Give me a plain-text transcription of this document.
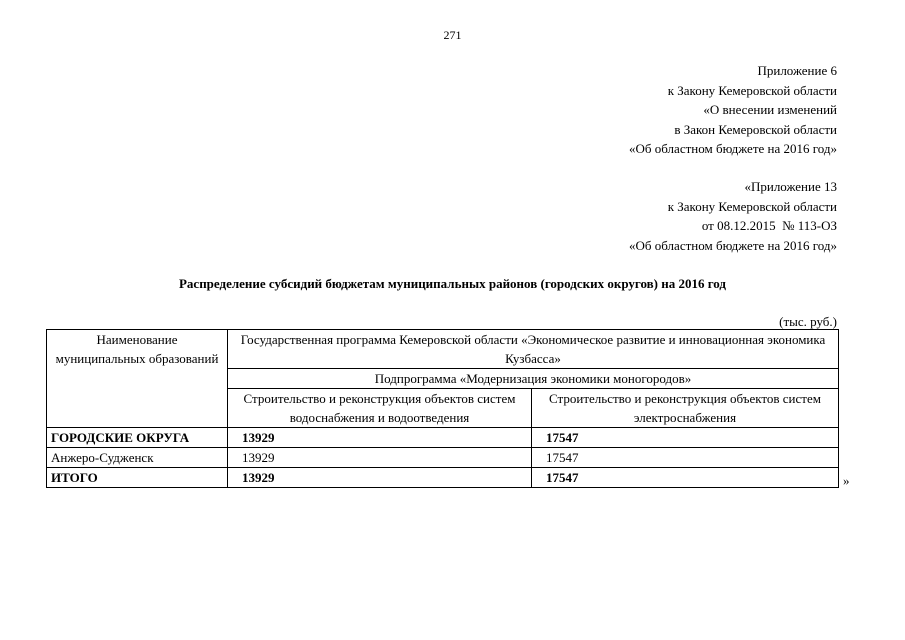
271
Приложение 6
к Закону Кемеровской области
«О внесении изменений
в Закон Кемеровской области
«Об областном бюджете на 2016 год»
«Приложение 13
к Закону Кемеровской области
от 08.12.2015  № 113-ОЗ
«Об областном бюджете на 2016 год»
Распределение субсидий бюджетам муниципальных районов (городских округов) на 2016 год
(тыс. руб.)
Наименование муниципальных образований	Государственная программа Кемеровской области «Экономическое развитие и инновационная экономика Кузбасса»	
	Подпрограмма «Модернизация экономики моногородов»	
	Строительство и реконструкция объектов систем водоснабжения и водоотведения	Строительство и реконструкция объектов систем электроснабжения
ГОРОДСКИЕ ОКРУГА	13929	17547
Анжеро-Судженск	13929	17547
ИТОГО	13929	17547	»
